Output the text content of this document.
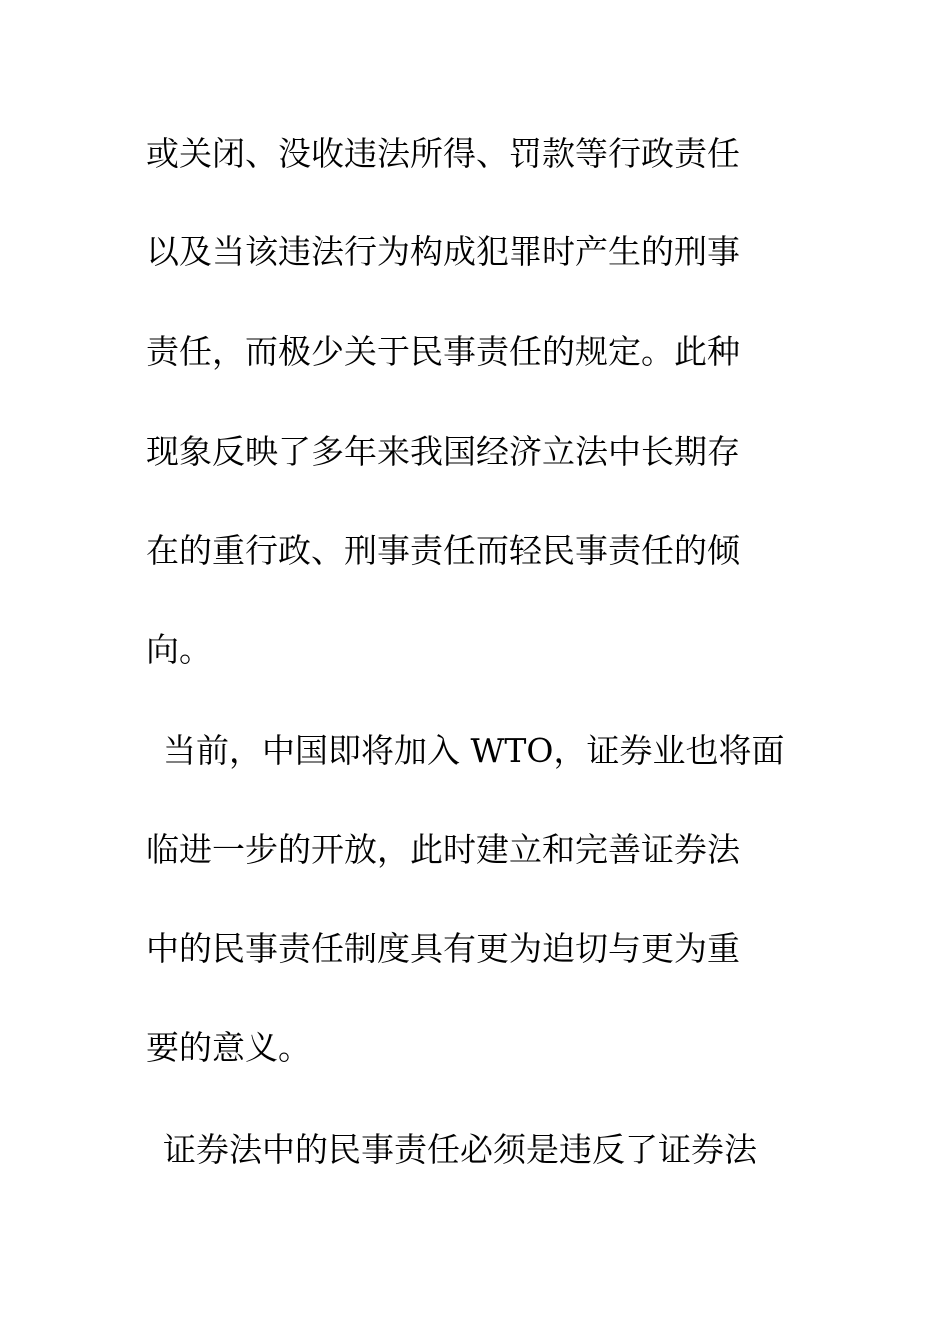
或关闭、没收违法所得、罚款等行政责任
以及当该违法行为构成犯罪时产生的刑事
责任，而极少关于民事责任的规定。此种
现象反映了多年来我国经济立法中长期存
在的重行政、刑事责任而轻民事责任的倾
向。
当前，中国即将加入 WTO，证券业也将面
临进一步的开放，此时建立和完善证券法
中的民事责任制度具有更为迫切与更为重
要的意义。
证券法中的民事责任必须是违反了证券法
